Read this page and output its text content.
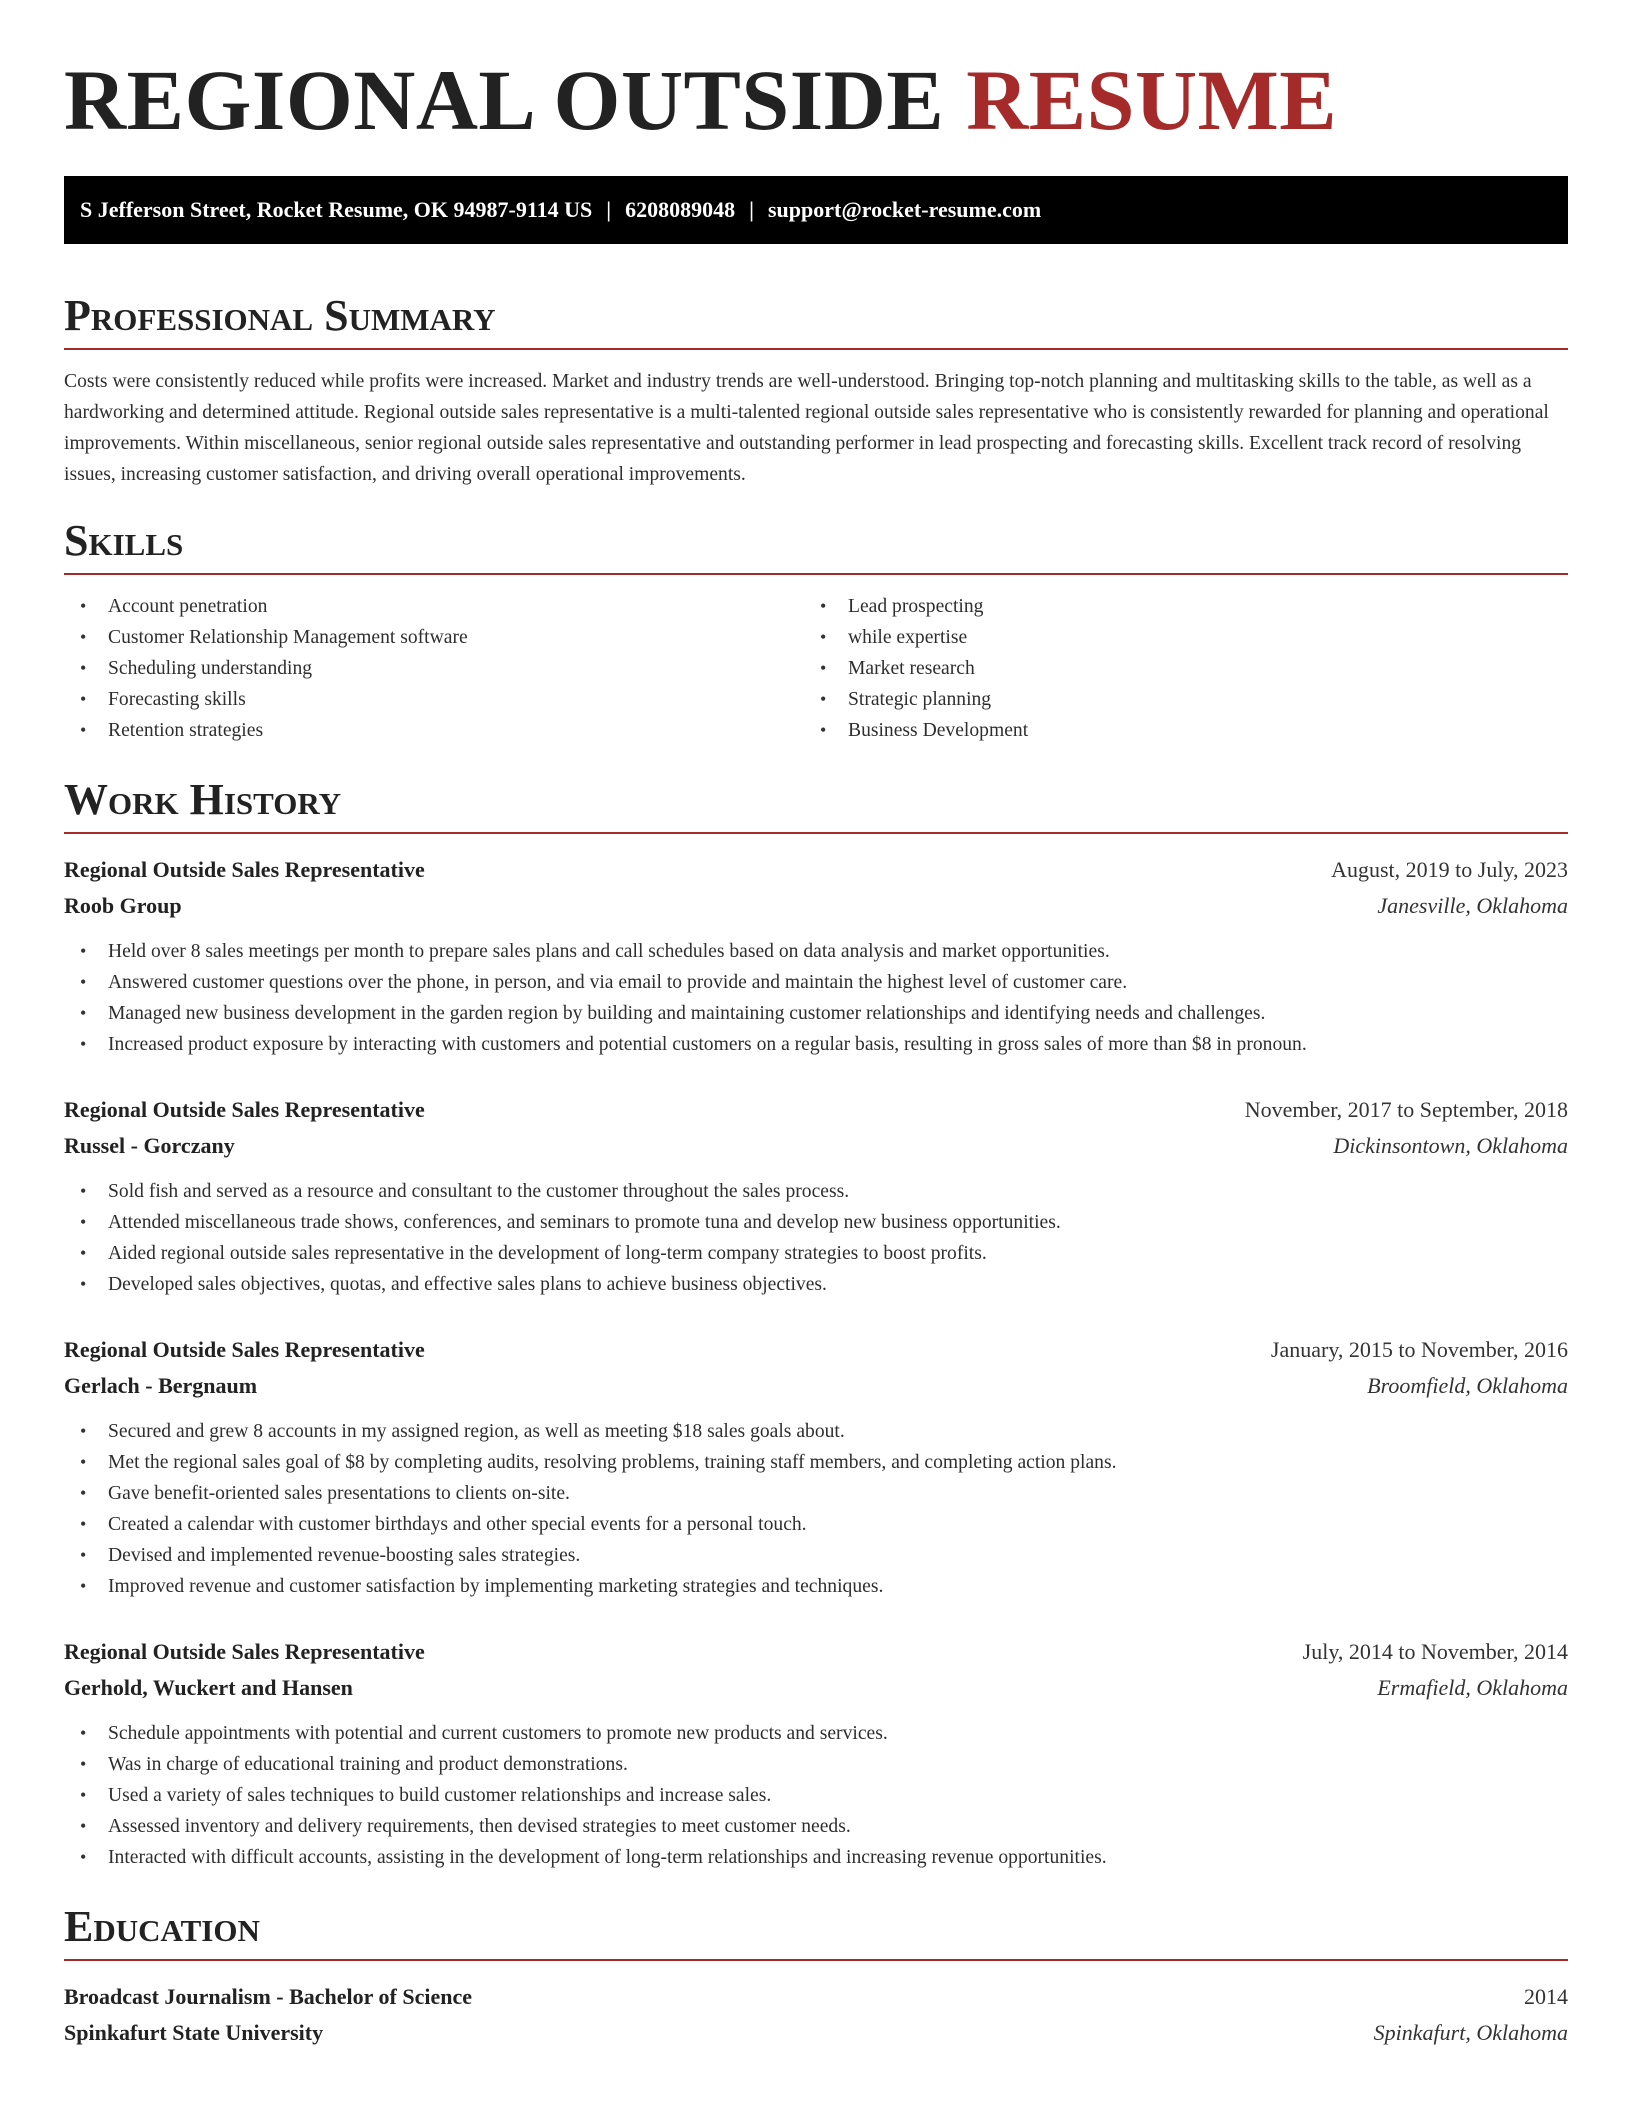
REGIONAL OUTSIDE RESUME
S Jefferson Street, Rocket Resume, OK 94987-9114 US | 6208089048 | support@rocket-resume.com
Professional Summary

Costs were consistently reduced while profits were increased. Market and industry trends are well-understood. Bringing top-notch planning and multitasking skills to the table, as well as a hardworking and determined attitude. Regional outside sales representative is a multi-talented regional outside sales representative who is consistently rewarded for planning and operational improvements. Within miscellaneous, senior regional outside sales representative and outstanding performer in lead prospecting and forecasting skills. Excellent track record of resolving issues, increasing customer satisfaction, and driving overall operational improvements.

Skills
• Account penetration
• Customer Relationship Management software
• Scheduling understanding
• Forecasting skills
• Retention strategies
• Lead prospecting
• while expertise
• Market research
• Strategic planning
• Business Development
Work History
Regional Outside Sales Representative	August, 2019 to July, 2023
Roob Group	Janesville, Oklahoma
• Held over 8 sales meetings per month to prepare sales plans and call schedules based on data analysis and market opportunities.
• Answered customer questions over the phone, in person, and via email to provide and maintain the highest level of customer care.
• Managed new business development in the garden region by building and maintaining customer relationships and identifying needs and challenges.
• Increased product exposure by interacting with customers and potential customers on a regular basis, resulting in gross sales of more than $8 in pronoun.
Regional Outside Sales Representative	November, 2017 to September, 2018
Russel - Gorczany	Dickinsontown, Oklahoma
• Sold fish and served as a resource and consultant to the customer throughout the sales process.
• Attended miscellaneous trade shows, conferences, and seminars to promote tuna and develop new business opportunities.
• Aided regional outside sales representative in the development of long-term company strategies to boost profits.
• Developed sales objectives, quotas, and effective sales plans to achieve business objectives.
Regional Outside Sales Representative	January, 2015 to November, 2016
Gerlach - Bergnaum	Broomfield, Oklahoma
• Secured and grew 8 accounts in my assigned region, as well as meeting $18 sales goals about.
• Met the regional sales goal of $8 by completing audits, resolving problems, training staff members, and completing action plans.
• Gave benefit-oriented sales presentations to clients on-site.
• Created a calendar with customer birthdays and other special events for a personal touch.
• Devised and implemented revenue-boosting sales strategies.
• Improved revenue and customer satisfaction by implementing marketing strategies and techniques.
Regional Outside Sales Representative	July, 2014 to November, 2014
Gerhold, Wuckert and Hansen	Ermafield, Oklahoma
• Schedule appointments with potential and current customers to promote new products and services.
• Was in charge of educational training and product demonstrations.
• Used a variety of sales techniques to build customer relationships and increase sales.
• Assessed inventory and delivery requirements, then devised strategies to meet customer needs.
• Interacted with difficult accounts, assisting in the development of long-term relationships and increasing revenue opportunities.
Education
Broadcast Journalism - Bachelor of Science	2014
Spinkafurt State University	Spinkafurt, Oklahoma
